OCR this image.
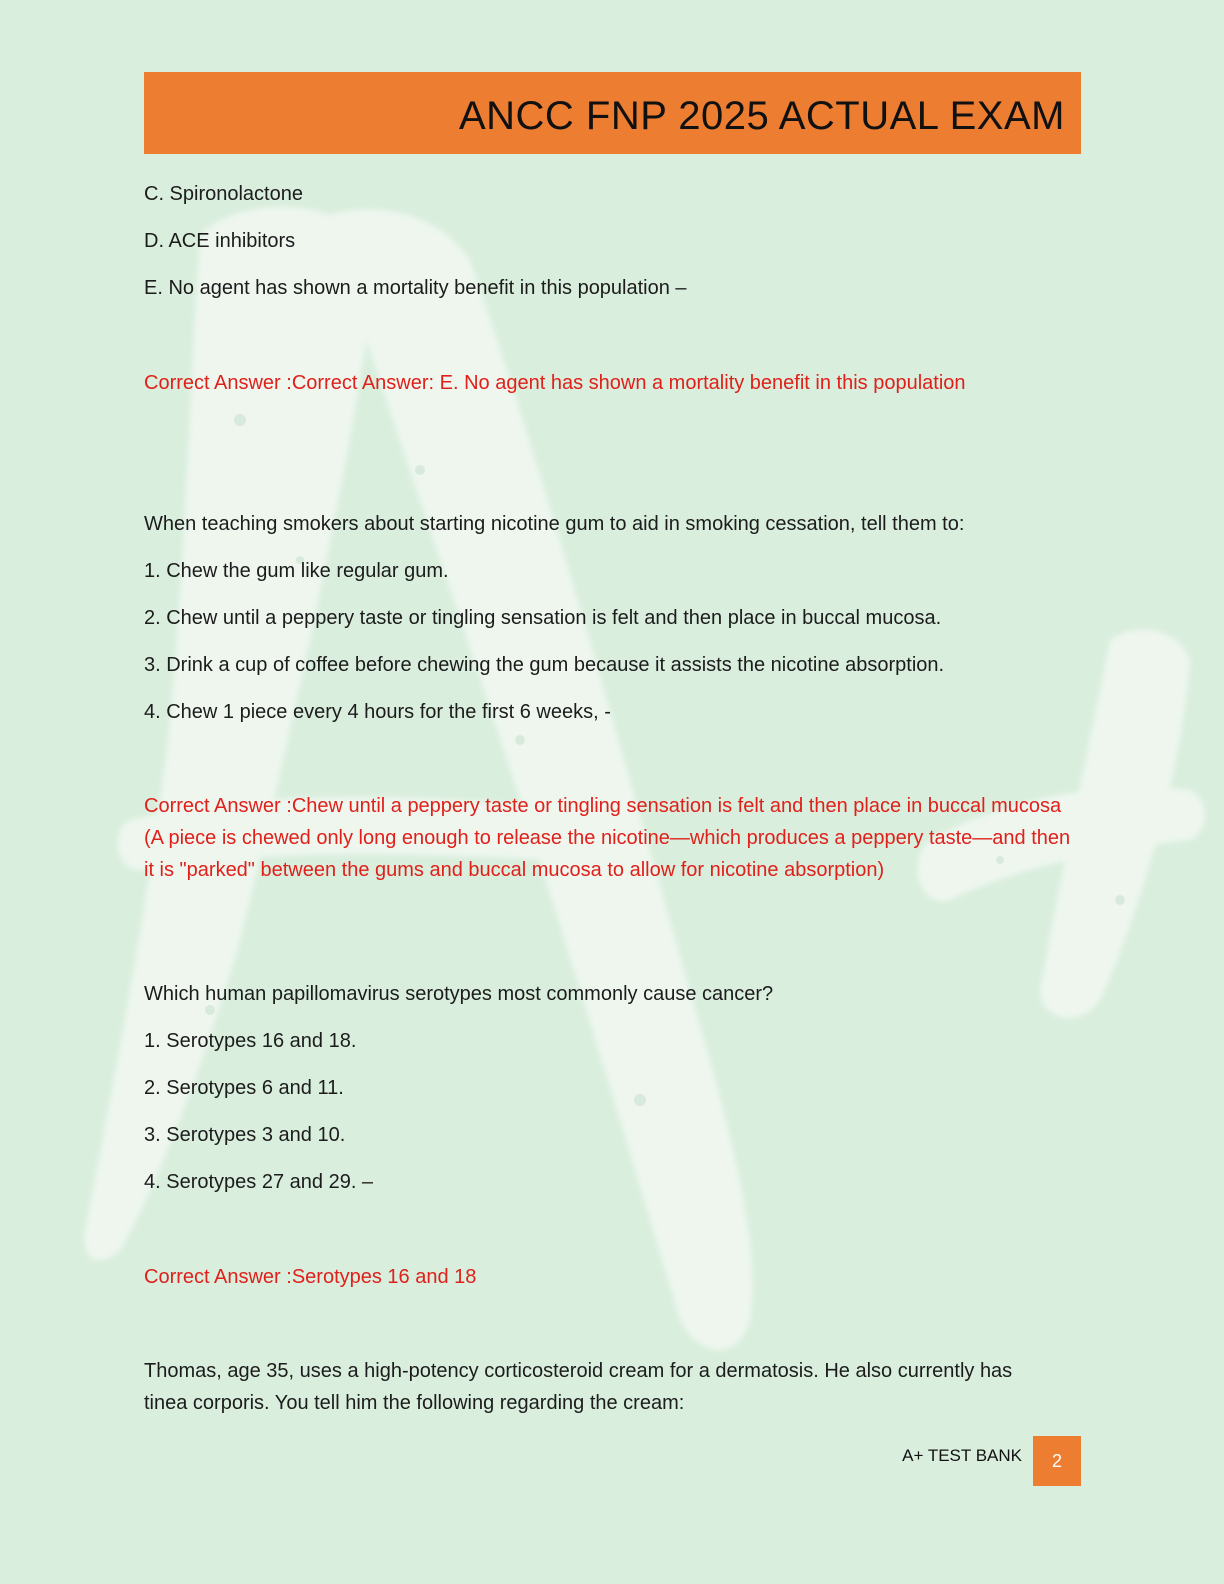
ANCC FNP 2025 ACTUAL EXAM
C. Spironolactone
D. ACE inhibitors
E. No agent has shown a mortality benefit in this population –
Correct Answer :Correct Answer: E. No agent has shown a mortality benefit in this population
When teaching smokers about starting nicotine gum to aid in smoking cessation, tell them to:
1. Chew the gum like regular gum.
2. Chew until a peppery taste or tingling sensation is felt and then place in buccal mucosa.
3. Drink a cup of coffee before chewing the gum because it assists the nicotine absorption.
4. Chew 1 piece every 4 hours for the first 6 weeks, -
Correct Answer :Chew until a peppery taste or tingling sensation is felt and then place in buccal mucosa (A piece is chewed only long enough to release the nicotine—which produces a peppery taste—and then it is "parked" between the gums and buccal mucosa to allow for nicotine absorption)
Which human papillomavirus serotypes most commonly cause cancer?
1. Serotypes 16 and 18.
2. Serotypes 6 and 11.
3. Serotypes 3 and 10.
4. Serotypes 27 and 29. –
Correct Answer :Serotypes 16 and 18
Thomas, age 35, uses a high-potency corticosteroid cream for a dermatosis. He also currently has tinea corporis. You tell him the following regarding the cream:
A+ TEST BANK	2
